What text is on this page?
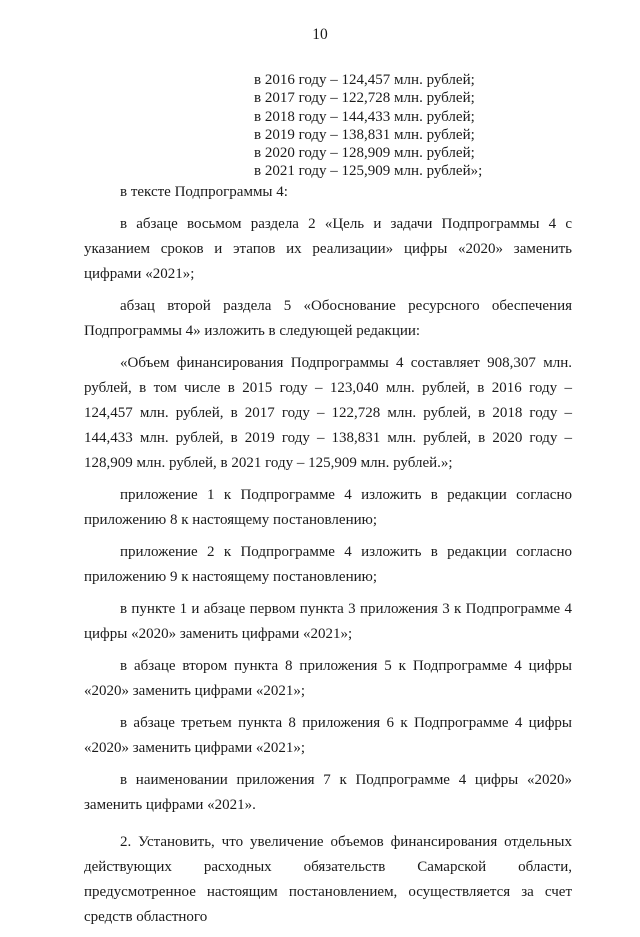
10
в 2016 году – 124,457 млн. рублей;
в 2017 году – 122,728 млн. рублей;
в 2018 году – 144,433 млн. рублей;
в 2019 году – 138,831 млн. рублей;
в 2020 году – 128,909 млн. рублей;
в 2021 году – 125,909 млн. рублей»;

в тексте Подпрограммы 4:

в абзаце восьмом раздела 2 «Цель и задачи Подпрограммы 4 с указанием сроков и этапов их реализации» цифры «2020» заменить цифрами «2021»;

абзац второй раздела 5 «Обоснование ресурсного обеспечения Подпрограммы 4» изложить в следующей редакции:

«Объем финансирования Подпрограммы 4 составляет 908,307 млн. рублей, в том числе в 2015 году – 123,040 млн. рублей, в 2016 году – 124,457 млн. рублей, в 2017 году – 122,728 млн. рублей, в 2018 году – 144,433 млн. рублей, в 2019 году – 138,831 млн. рублей, в 2020 году – 128,909 млн. рублей, в 2021 году – 125,909 млн. рублей.»;

приложение 1 к Подпрограмме 4 изложить в редакции согласно приложению 8 к настоящему постановлению;

приложение 2 к Подпрограмме 4 изложить в редакции согласно приложению 9 к настоящему постановлению;

в пункте 1 и абзаце первом пункта 3 приложения 3 к Подпрограмме 4 цифры «2020» заменить цифрами «2021»;

в абзаце втором пункта 8 приложения 5 к Подпрограмме 4 цифры «2020» заменить цифрами «2021»;

в абзаце третьем пункта 8 приложения 6 к Подпрограмме 4 цифры «2020» заменить цифрами «2021»;

в наименовании приложения 7 к Подпрограмме 4 цифры «2020» заменить цифрами «2021».

2. Установить, что увеличение объемов финансирования отдельных действующих расходных обязательств Самарской области, предусмотренное настоящим постановлением, осуществляется за счет средств областного
